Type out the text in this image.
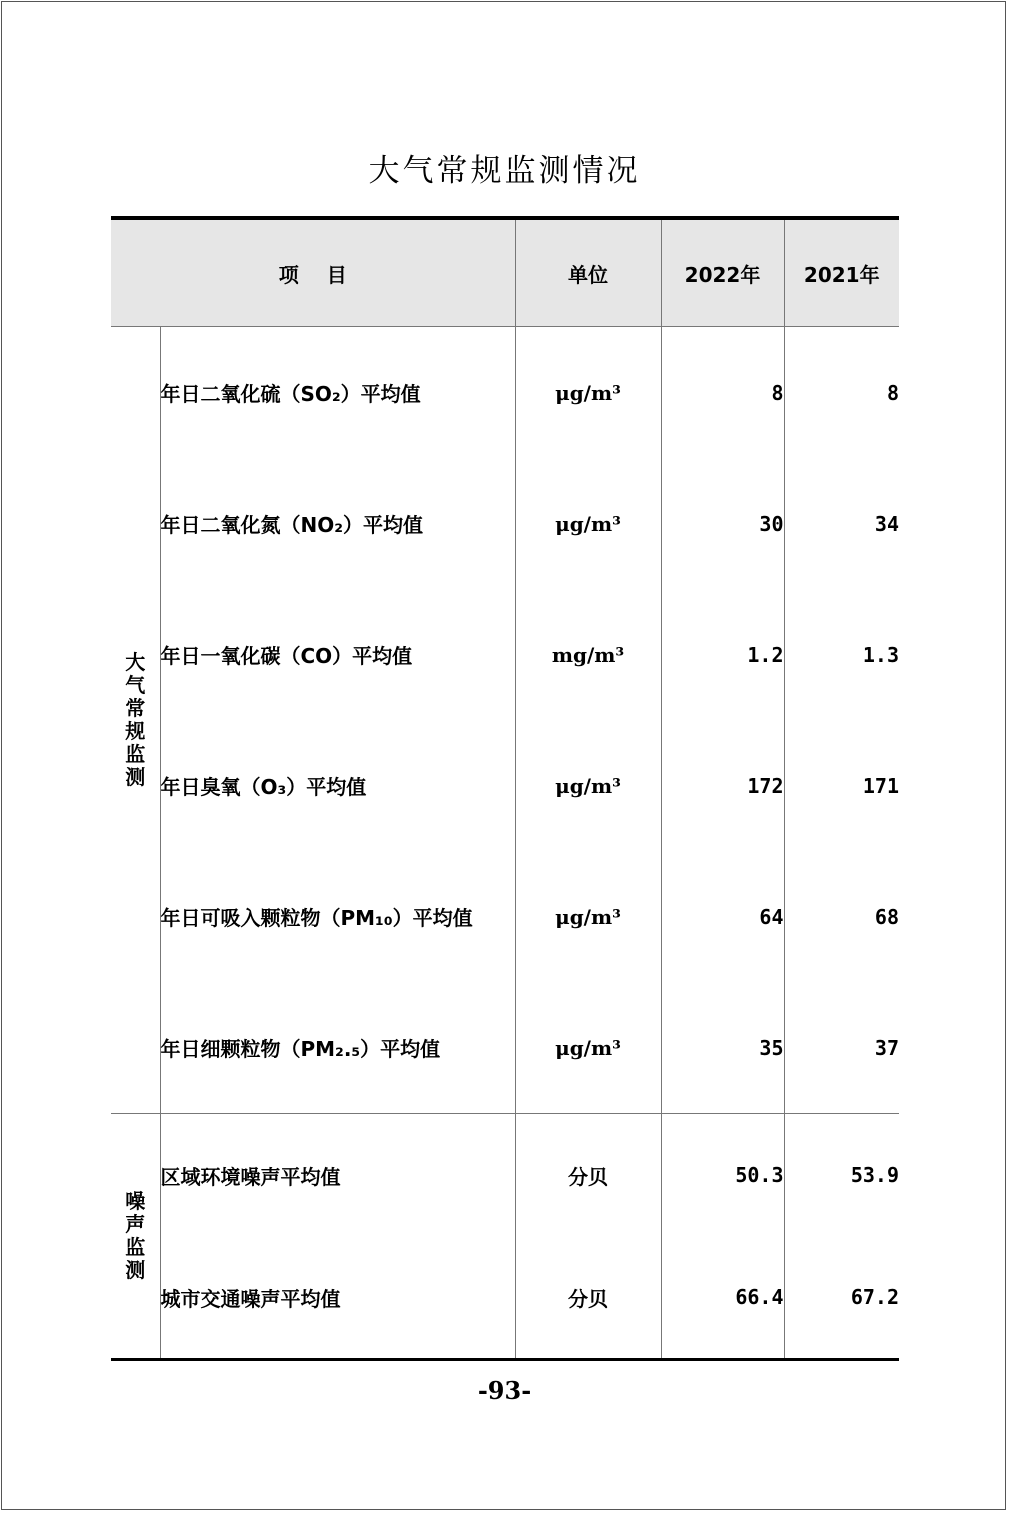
大气常规监测情况
项 目		单位	2022年	2021年
大气常规监测	年日二氧化硫（SO₂）平均值	μg/m³	8	8
	年日二氧化氮（NO₂）平均值	μg/m³	30	34
	年日一氧化碳（CO）平均值	mg/m³	1.2	1.3
	年日臭氧（O₃）平均值	μg/m³	172	171
	年日可吸入颗粒物（PM₁₀）平均值	μg/m³	64	68
	年日细颗粒物（PM₂.₅）平均值	μg/m³	35	37
噪声监测	区域环境噪声平均值	分贝	50.3	53.9
	城市交通噪声平均值	分贝	66.4	67.2
-93-
